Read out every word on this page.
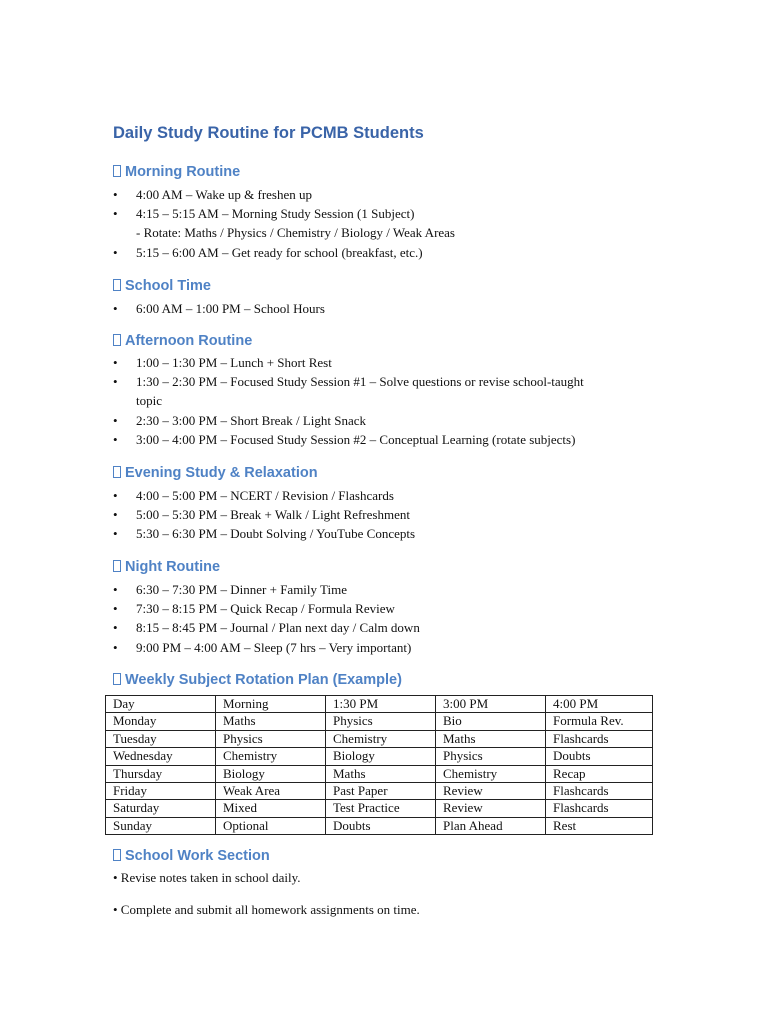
Daily Study Routine for PCMB Students
Morning Routine
• 4:00 AM – Wake up & freshen up
• 4:15 – 5:15 AM – Morning Study Session (1 Subject)
- Rotate: Maths / Physics / Chemistry / Biology / Weak Areas
• 5:15 – 6:00 AM – Get ready for school (breakfast, etc.)
School Time
• 6:00 AM – 1:00 PM – School Hours
Afternoon Routine
• 1:00 – 1:30 PM – Lunch + Short Rest
• 1:30 – 2:30 PM – Focused Study Session #1 – Solve questions or revise school-taught
topic
• 2:30 – 3:00 PM – Short Break / Light Snack
• 3:00 – 4:00 PM – Focused Study Session #2 – Conceptual Learning (rotate subjects)
Evening Study & Relaxation
• 4:00 – 5:00 PM – NCERT / Revision / Flashcards
• 5:00 – 5:30 PM – Break + Walk / Light Refreshment
• 5:30 – 6:30 PM – Doubt Solving / YouTube Concepts
Night Routine
• 6:30 – 7:30 PM – Dinner + Family Time
• 7:30 – 8:15 PM – Quick Recap / Formula Review
• 8:15 – 8:45 PM – Journal / Plan next day / Calm down
• 9:00 PM – 4:00 AM – Sleep (7 hrs – Very important)
Weekly Subject Rotation Plan (Example)
Day	Morning	1:30 PM	3:00 PM	4:00 PM
Monday	Maths	Physics	Bio	Formula Rev.
Tuesday	Physics	Chemistry	Maths	Flashcards
Wednesday	Chemistry	Biology	Physics	Doubts
Thursday	Biology	Maths	Chemistry	Recap
Friday	Weak Area	Past Paper	Review	Flashcards
Saturday	Mixed	Test Practice	Review	Flashcards
Sunday	Optional	Doubts	Plan Ahead	Rest
School Work Section

• Revise notes taken in school daily.

• Complete and submit all homework assignments on time.
